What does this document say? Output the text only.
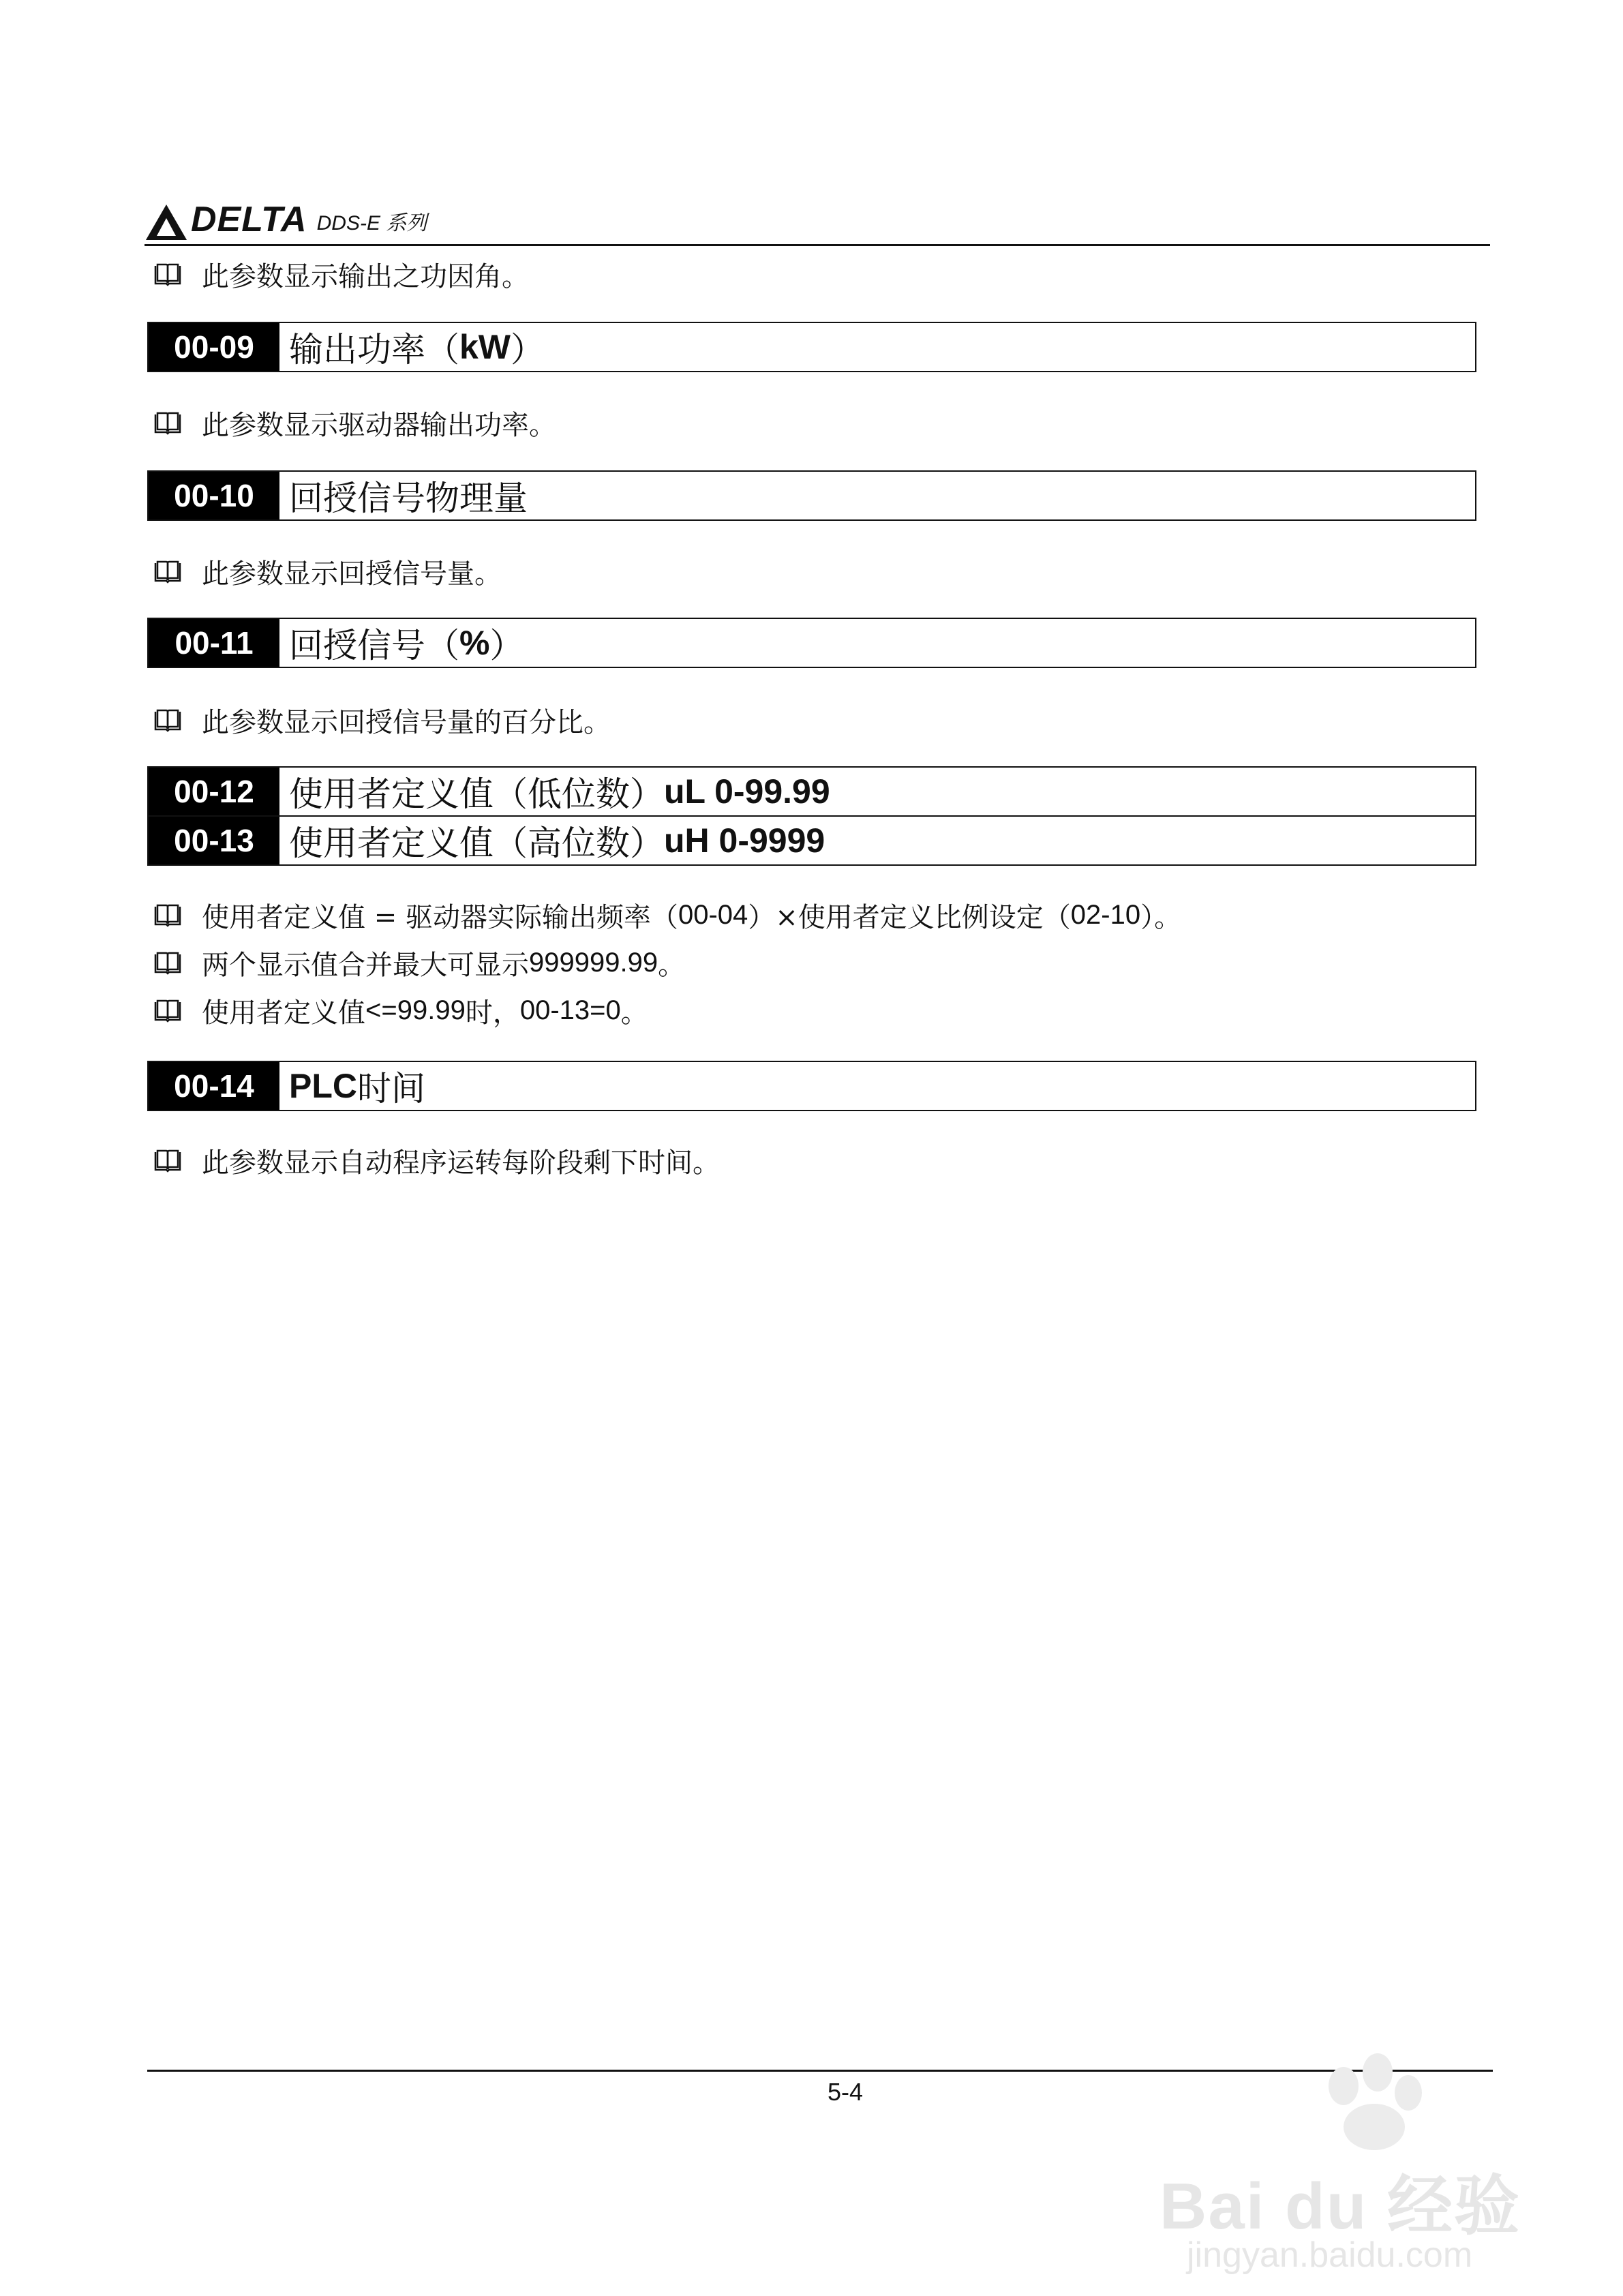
DELTA DDS-E 系列
此参数显示输出之功因角。
00-09	输出功率（ kW ）
此参数显示驱动器输出功率。
00-10	回授信号物理量
此参数显示回授信号量。
00-11	回授信号（ % ）
此参数显示回授信号量的百分比。
00-12	使用者定义值（低位数） uL 0-99.99
00-13	使用者定义值（高位数） uH 0-9999
使用者定义值 = 驱动器实际输出频率（ 00-04 ）×使用者定义比例设定（ 02-10 ）。
两个显示值合并最大可显示 999999.99 。
使用者定义值 <=99.99 时， 00-13=0 。
00-14	PLC 时间
此参数显示自动程序运转每阶段剩下时间。
5-4
Bai du 经验
jingyan.baidu.com
